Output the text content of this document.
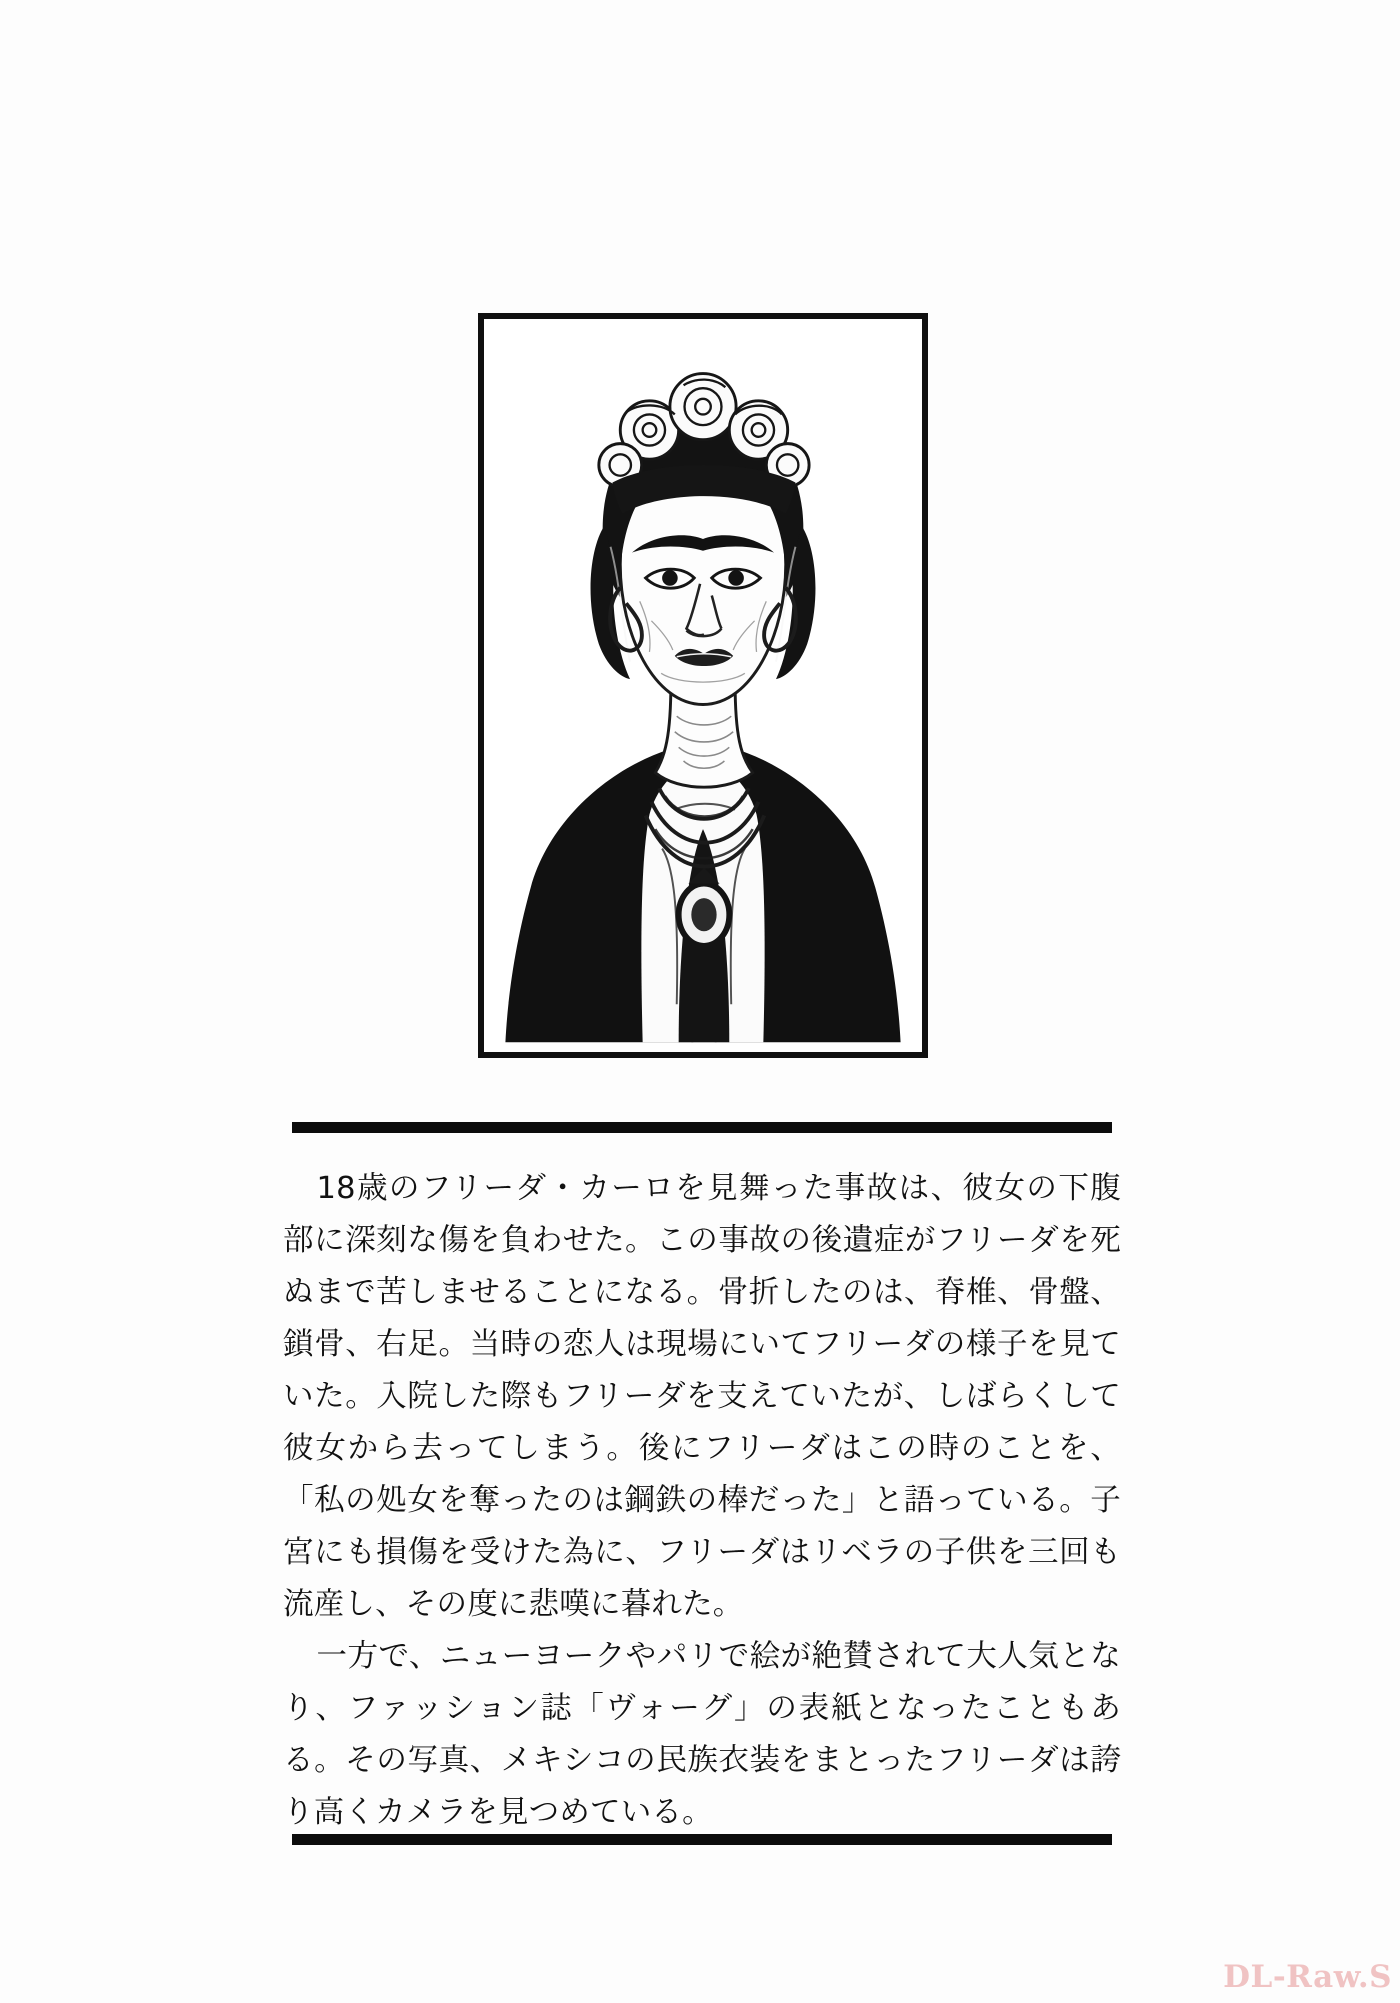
18歳のフリーダ・カーロを見舞った事故は、彼女の下腹部に深刻な傷を負わせた。この事故の後遺症がフリーダを死ぬまで苦しませることになる。骨折したのは、脊椎、骨盤、鎖骨、右足。当時の恋人は現場にいてフリーダの様子を見ていた。入院した際もフリーダを支えていたが、しばらくして彼女から去ってしまう。後にフリーダはこの時のことを、「私の処女を奪ったのは鋼鉄の棒だった」と語っている。子宮にも損傷を受けた為に、フリーダはリベラの子供を三回も流産し、その度に悲嘆に暮れた。

一方で、ニューヨークやパリで絵が絶賛されて大人気となり、ファッション誌「ヴォーグ」の表紙となったこともある。その写真、メキシコの民族衣装をまとったフリーダは誇り高くカメラを見つめている。

DL-Raw.S
